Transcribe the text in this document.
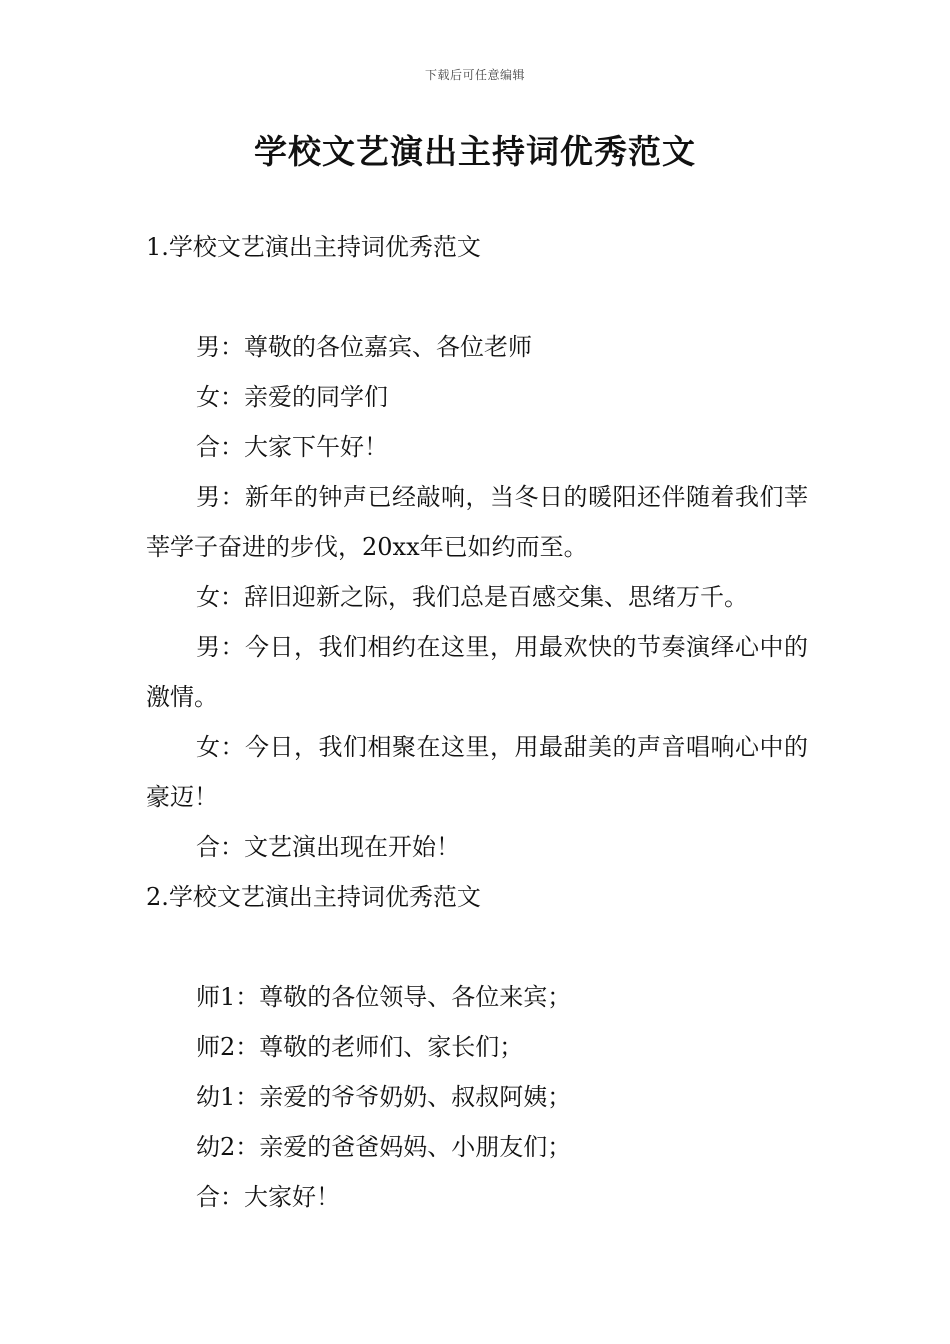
下载后可任意编辑
学校文艺演出主持词优秀范文
1.学校文艺演出主持词优秀范文

男：尊敬的各位嘉宾、各位老师

女：亲爱的同学们

合：大家下午好！

男：新年的钟声已经敲响，当冬日的暖阳还伴随着我们莘莘学子奋进的步伐，20xx年已如约而至。

女：辞旧迎新之际，我们总是百感交集、思绪万千。

男：今日，我们相约在这里，用最欢快的节奏演绎心中的激情。

女：今日，我们相聚在这里，用最甜美的声音唱响心中的豪迈！

合：文艺演出现在开始！

2.学校文艺演出主持词优秀范文

师1：尊敬的各位领导、各位来宾；

师2：尊敬的老师们、家长们；

幼1：亲爱的爷爷奶奶、叔叔阿姨；

幼2：亲爱的爸爸妈妈、小朋友们；

合：大家好！
